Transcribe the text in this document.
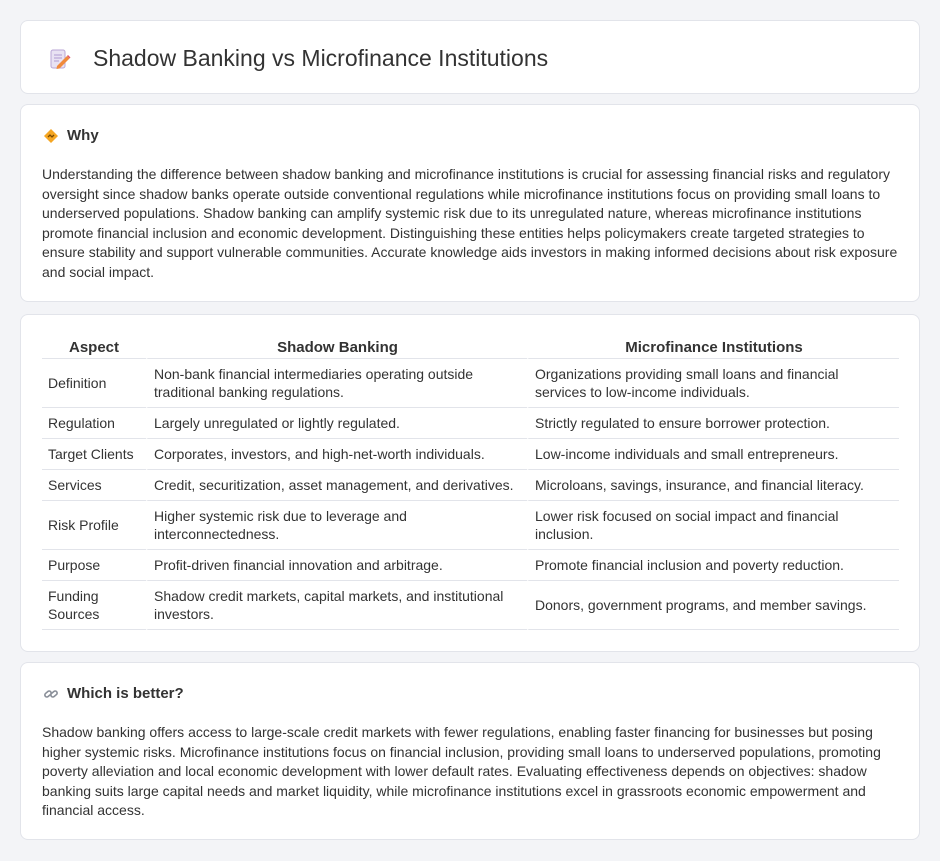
Shadow Banking vs Microfinance Institutions
Why

Understanding the difference between shadow banking and microfinance institutions is crucial for assessing financial risks and regulatory oversight since shadow banks operate outside conventional regulations while microfinance institutions focus on providing small loans to underserved populations. Shadow banking can amplify systemic risk due to its unregulated nature, whereas microfinance institutions promote financial inclusion and economic development. Distinguishing these entities helps policymakers create targeted strategies to ensure stability and support vulnerable communities. Accurate knowledge aids investors in making informed decisions about risk exposure and social impact.

Aspect	Shadow Banking	Microfinance Institutions
Definition	Non-bank financial intermediaries operating outside traditional banking regulations.	Organizations providing small loans and financial services to low-income individuals.
Regulation	Largely unregulated or lightly regulated.	Strictly regulated to ensure borrower protection.
Target Clients	Corporates, investors, and high-net-worth individuals.	Low-income individuals and small entrepreneurs.
Services	Credit, securitization, asset management, and derivatives.	Microloans, savings, insurance, and financial literacy.
Risk Profile	Higher systemic risk due to leverage and interconnectedness.	Lower risk focused on social impact and financial inclusion.
Purpose	Profit-driven financial innovation and arbitrage.	Promote financial inclusion and poverty reduction.
Funding Sources	Shadow credit markets, capital markets, and institutional investors.	Donors, government programs, and member savings.
Which is better?

Shadow banking offers access to large-scale credit markets with fewer regulations, enabling faster financing for businesses but posing higher systemic risks. Microfinance institutions focus on financial inclusion, providing small loans to underserved populations, promoting poverty alleviation and local economic development with lower default rates. Evaluating effectiveness depends on objectives: shadow banking suits large capital needs and market liquidity, while microfinance institutions excel in grassroots economic empowerment and financial access.
